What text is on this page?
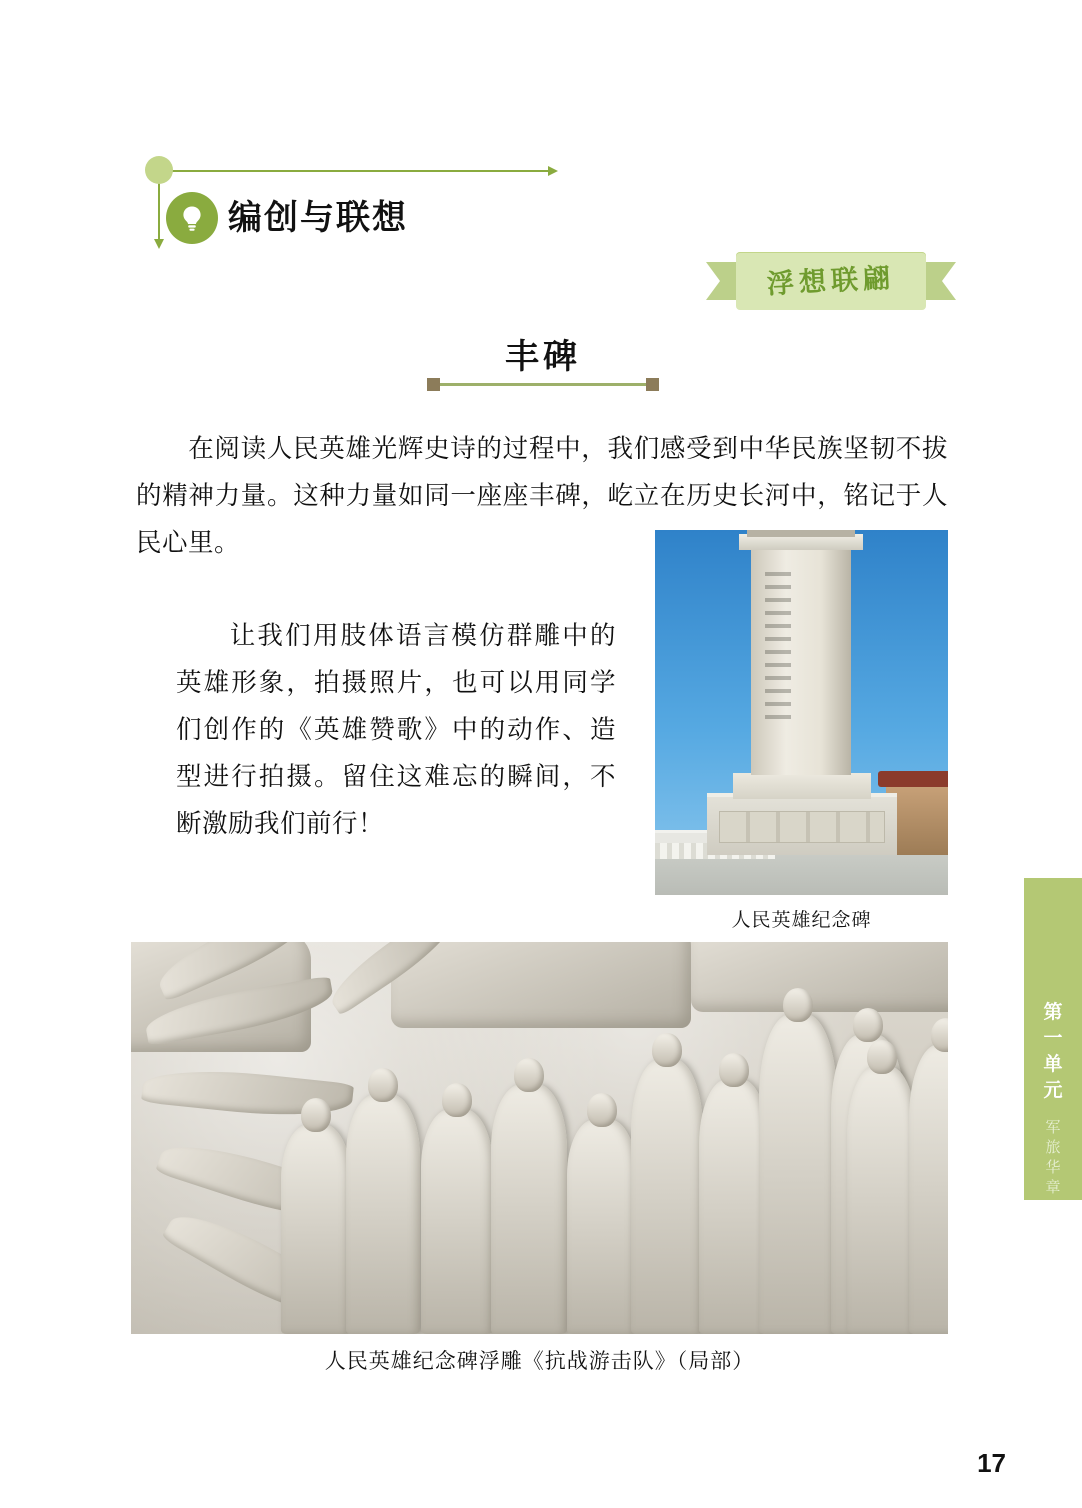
编创与联想
浮想联翩
丰碑
在阅读人民英雄光辉史诗的过程中，我们感受到中华民族坚韧不拔的精神力量。这种力量如同一座座丰碑，屹立在历史长河中，铭记于人民心里。
让我们用肢体语言模仿群雕中的英雄形象，拍摄照片，也可以用同学们创作的《英雄赞歌》中的动作、造型进行拍摄。留住这难忘的瞬间，不断激励我们前行！
人民英雄纪念碑
人民英雄纪念碑浮雕《抗战游击队》（局部）
第
一
单
元
军
旅
华
章
17
